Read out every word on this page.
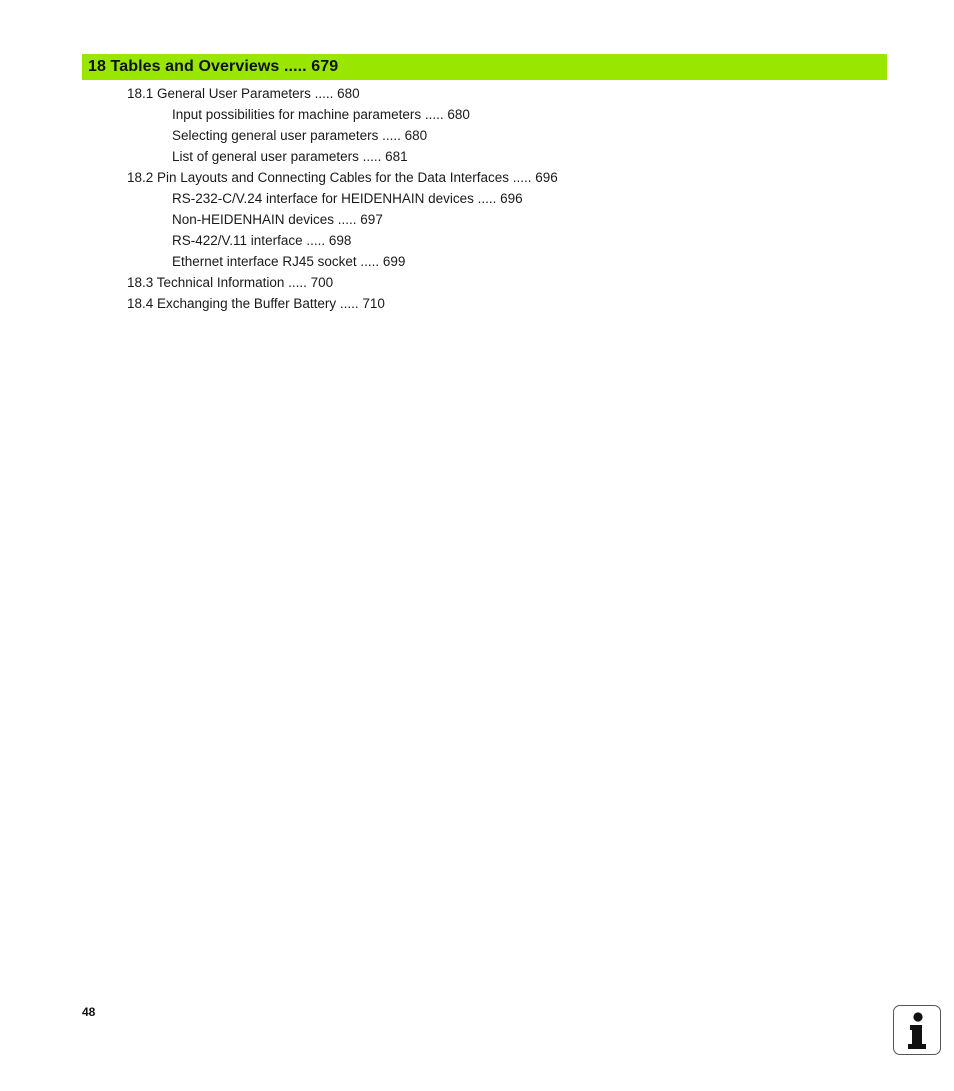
18 Tables and Overviews ..... 679
18.1 General User Parameters ..... 680
Input possibilities for machine parameters ..... 680
Selecting general user parameters ..... 680
List of general user parameters ..... 681
18.2 Pin Layouts and Connecting Cables for the Data Interfaces ..... 696
RS-232-C/V.24 interface for HEIDENHAIN devices ..... 696
Non-HEIDENHAIN devices ..... 697
RS-422/V.11 interface ..... 698
Ethernet interface RJ45 socket ..... 699
18.3 Technical Information ..... 700
18.4 Exchanging the Buffer Battery ..... 710
48
